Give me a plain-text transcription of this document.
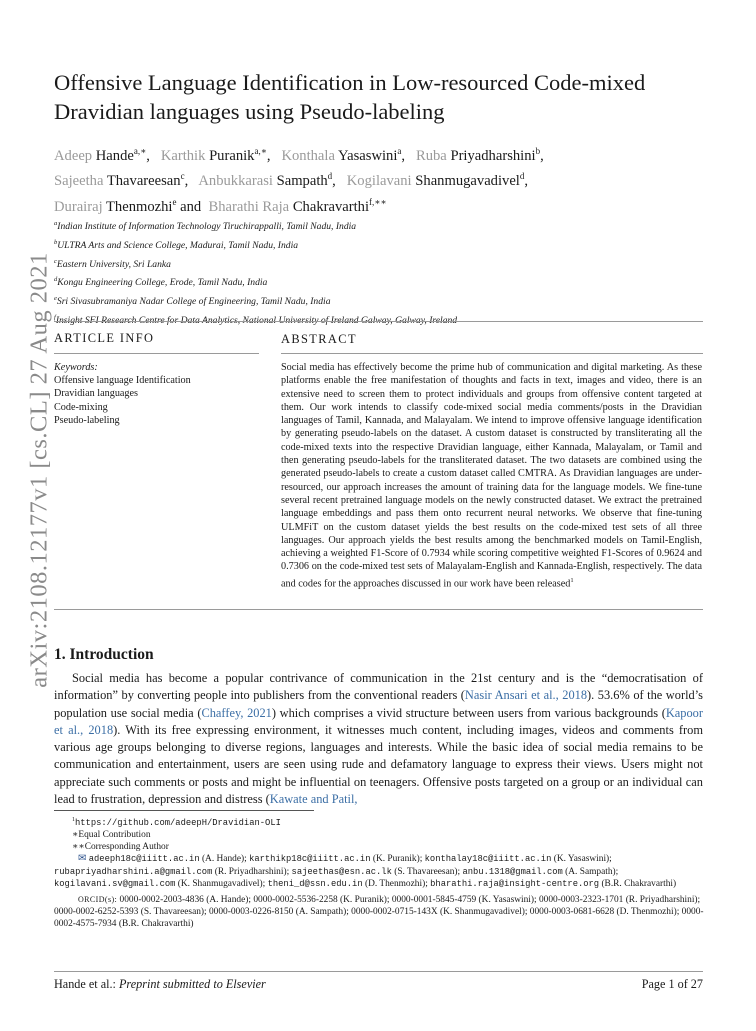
arXiv:2108.12177v1 [cs.CL] 27 Aug 2021
Offensive Language Identification in Low-resourced Code-mixed Dravidian languages using Pseudo-labeling
Adeep Hande$^{a,∗}$,   Karthik Puranik$^{a,∗}$,   Konthala Yasaswini$^a$,   Ruba Priyadharshini$^b$,
Sajeetha Thavareesan$^c$,   Anbukkarasi Sampath$^d$,   Kogilavani Shanmugavadivel$^d$,
Durairaj Thenmozhi$^e$ and Bharathi Raja Chakravarthi$^{f,∗∗}$
$^a$Indian Institute of Information Technology Tiruchirappalli, Tamil Nadu, India
$^b$ULTRA Arts and Science College, Madurai, Tamil Nadu, India
$^c$Eastern University, Sri Lanka
$^d$Kongu Engineering College, Erode, Tamil Nadu, India
$^e$Sri Sivasubramaniya Nadar College of Engineering, Tamil Nadu, India
$^f$Insight SFI Research Centre for Data Analytics, National University of Ireland Galway, Galway, Ireland
ARTICLE INFO	ABSTRACT
Keywords:
Offensive language Identification
Dravidian languages
Code-mixing
Pseudo-labeling

Social media has effectively become the prime hub of communication and digital marketing. As these platforms enable the free manifestation of thoughts and facts in text, images and video, there is an extensive need to screen them to protect individuals and groups from offensive content targeted at them. Our work intends to classify code-mixed social media comments/posts in the Dravidian languages of Tamil, Kannada, and Malayalam. We intend to improve offensive language identification by generating pseudo-labels on the dataset. A custom dataset is constructed by transliterating all the code-mixed texts into the respective Dravidian language, either Kannada, Malayalam, or Tamil and then generating pseudo-labels for the transliterated dataset. The two datasets are combined using the generated pseudo-labels to create a custom dataset called CMTRA. As Dravidian languages are under-resourced, our approach increases the amount of training data for the language models. We fine-tune several recent pretrained language models on the newly constructed dataset. We extract the pretrained language embeddings and pass them onto recurrent neural networks. We observe that fine-tuning ULMFiT on the custom dataset yields the best results on the code-mixed test sets of all three languages. Our approach yields the best results among the benchmarked models on Tamil-English, achieving a weighted F1-Score of 0.7934 while scoring competitive weighted F1-Scores of 0.9624 and 0.7306 on the code-mixed test sets of Malayalam-English and Kannada-English, respectively. The data and codes for the approaches discussed in our work have been released$^1$

1. Introduction

Social media has become a popular contrivance of communication in the 21st century and is the “democratisation of information” by converting people into publishers from the conventional readers (Nasir Ansari et al., 2018). 53.6% of the world’s population use social media (Chaffey, 2021) which comprises a vivid structure between users from various backgrounds (Kapoor et al., 2018). With its free expressing environment, it witnesses much content, including images, videos and comments from various age groups belonging to diverse regions, languages and interests. While the basic idea of social media remains to be communication and entertainment, users are seen using rude and defamatory language to express their views. Users might not appreciate such comments or posts and might be influential on teenagers. Offensive posts targeted on a group or an individual can lead to frustration, depression and distress (Kawate and Patil,

$^1$https://github.com/adeepH/Dravidian-OLI
∗Equal Contribution
∗∗Corresponding Author
✉ adeeph18c@iiitt.ac.in (A. Hande); karthikp18c@iiitt.ac.in (K. Puranik); konthalay18c@iiitt.ac.in (K. Yasaswini); rubapriyadharshini.a@gmail.com (R. Priyadharshini); sajeethas@esn.ac.lk (S. Thavareesan); anbu.1318@gmail.com (A. Sampath); kogilavani.sv@gmail.com (K. Shanmugavadivel); theni_d@ssn.edu.in (D. Thenmozhi); bharathi.raja@insight-centre.org (B.R. Chakravarthi)
ORCID(s): 0000-0002-2003-4836 (A. Hande); 0000-0002-5536-2258 (K. Puranik); 0000-0001-5845-4759 (K. Yasaswini); 0000-0003-2323-1701 (R. Priyadharshini); 0000-0002-6252-5393 (S. Thavareesan); 0000-0003-0226-8150 (A. Sampath); 0000-0002-0715-143X (K. Shanmugavadivel); 0000-0003-0681-6628 (D. Thenmozhi); 0000-0002-4575-7934 (B.R. Chakravarthi)
Hande et al.: Preprint submitted to Elsevier	Page 1 of 27
